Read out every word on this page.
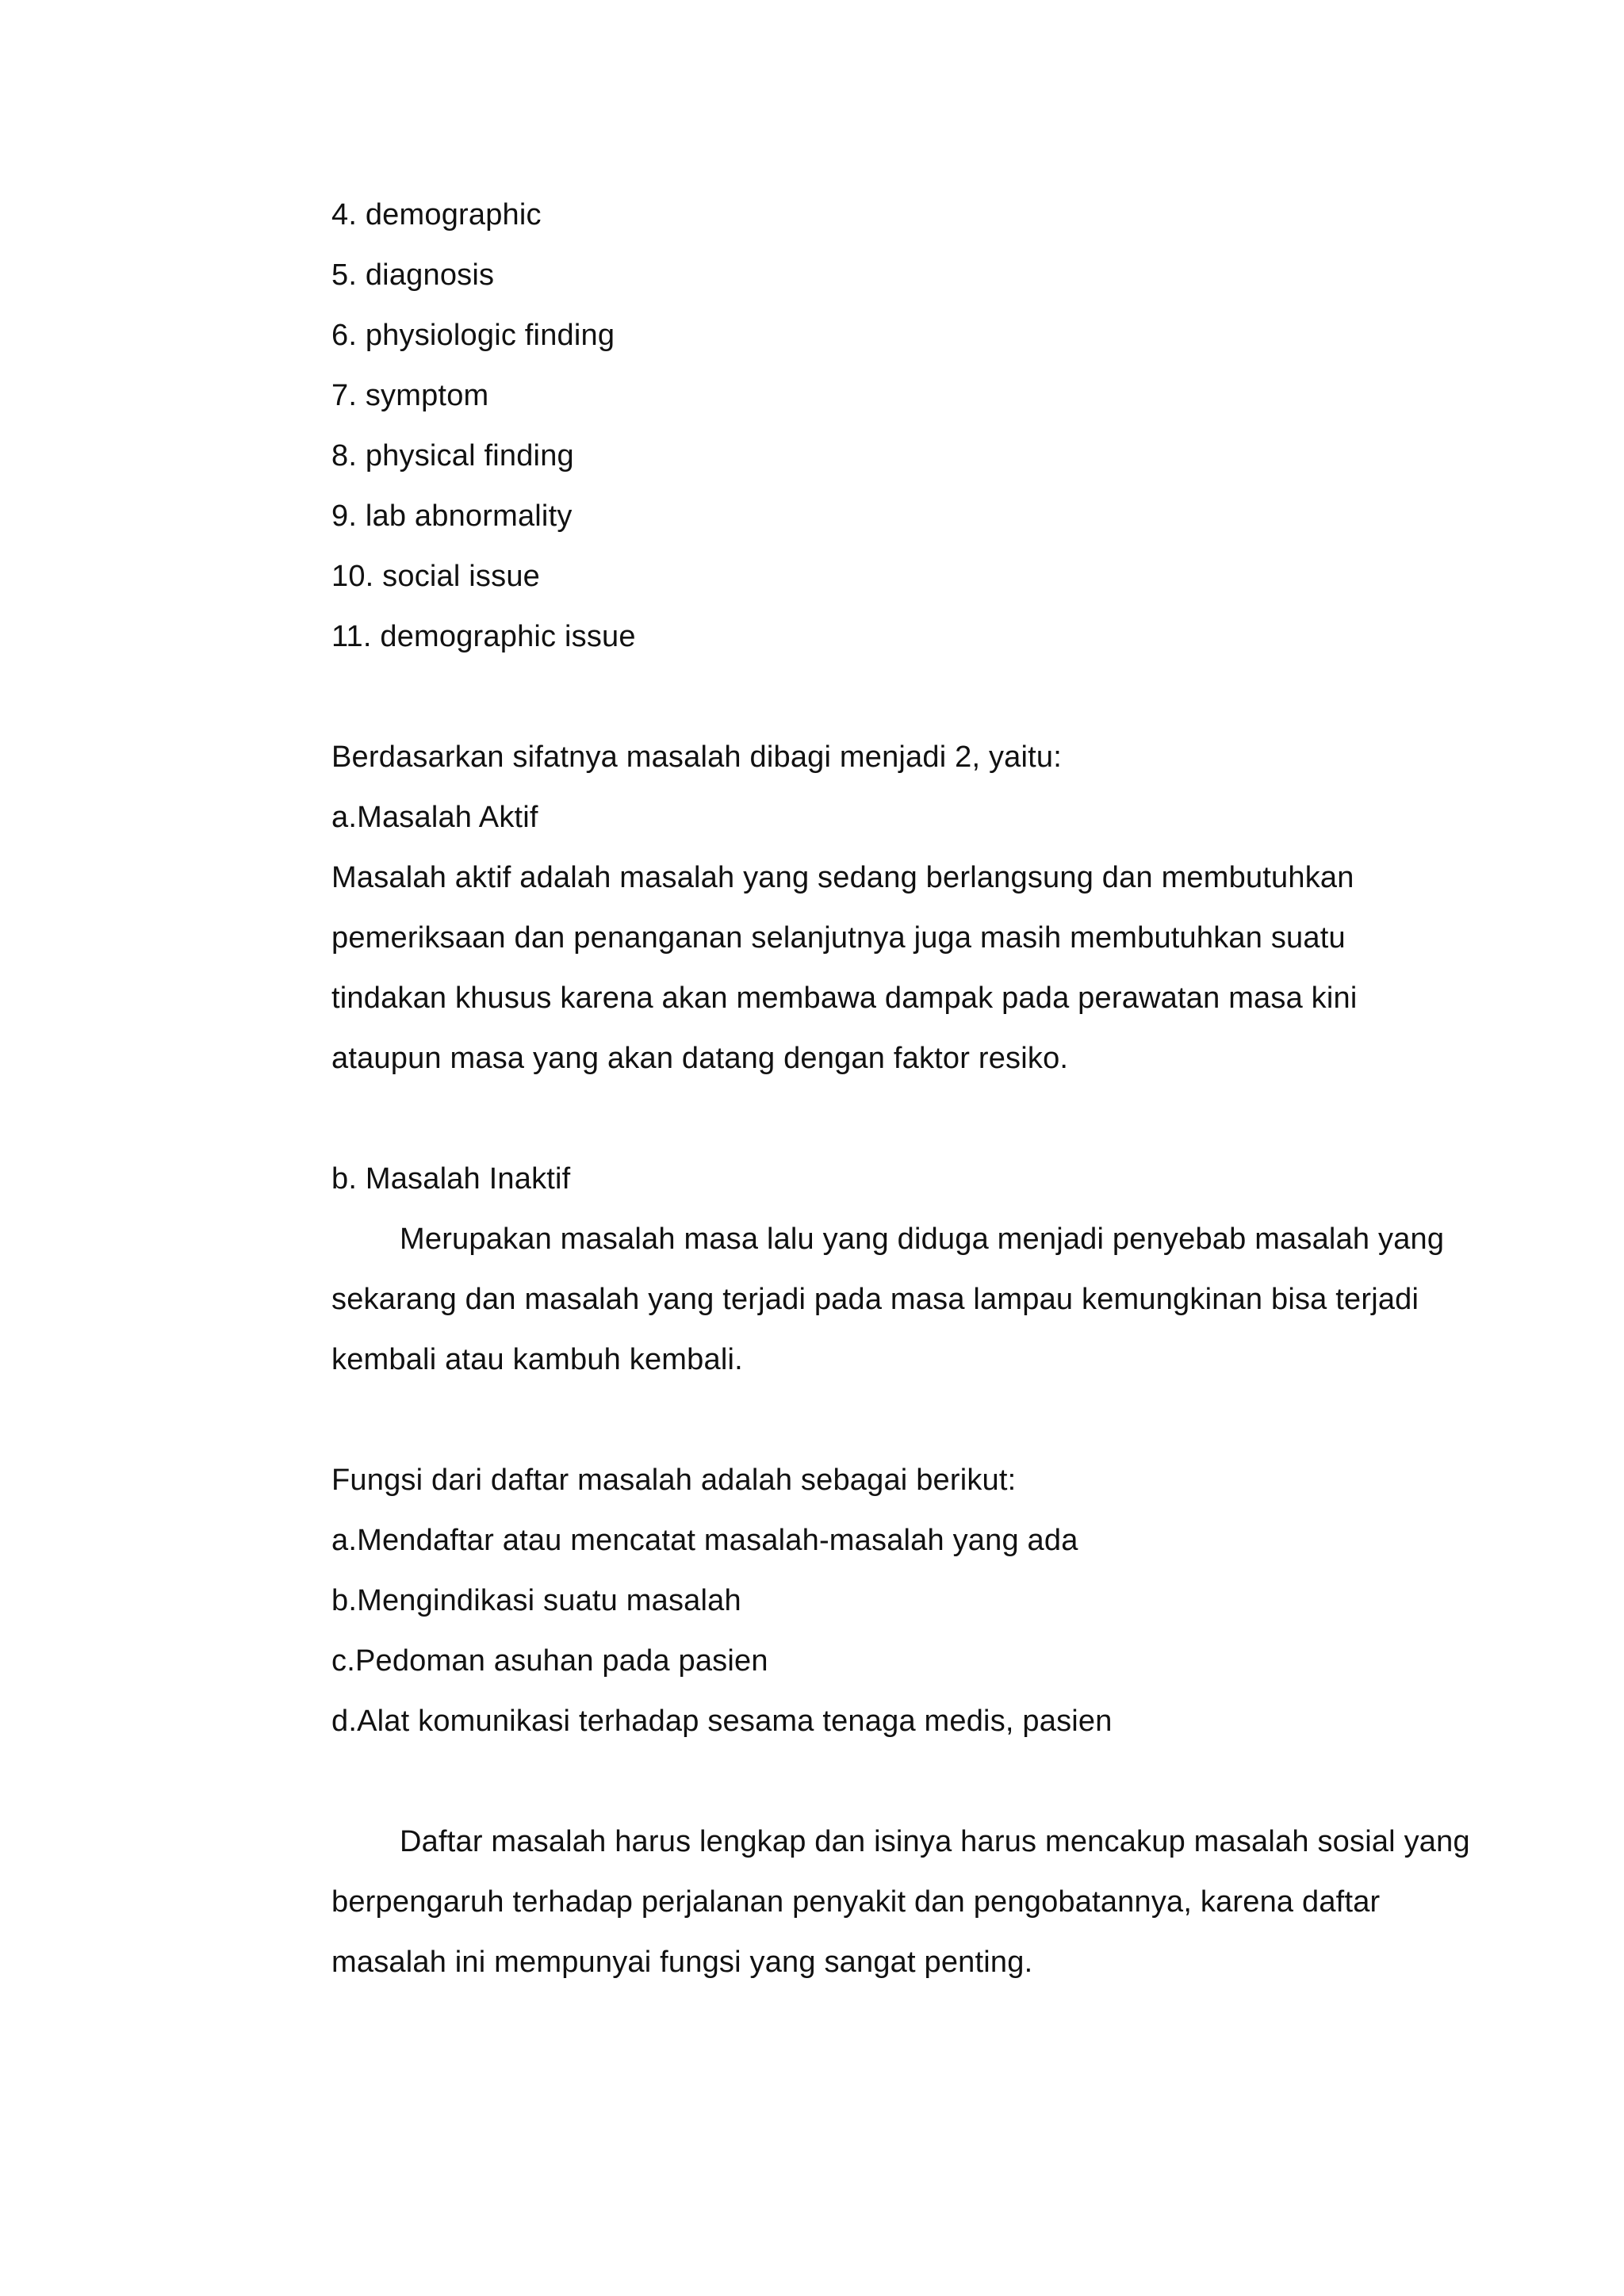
4. demographic
5. diagnosis
6. physiologic finding
7. symptom
8. physical finding
9. lab abnormality
10. social issue
11. demographic issue
Berdasarkan sifatnya masalah dibagi menjadi 2, yaitu:
a.Masalah Aktif
Masalah aktif adalah masalah yang sedang berlangsung dan membutuhkan
pemeriksaan dan penanganan selanjutnya juga masih membutuhkan suatu
tindakan khusus karena akan membawa dampak pada perawatan masa kini
ataupun masa yang akan datang dengan faktor resiko.
b. Masalah Inaktif
Merupakan masalah masa lalu yang diduga menjadi penyebab masalah yang
sekarang dan masalah yang terjadi pada masa lampau kemungkinan bisa terjadi
kembali atau kambuh kembali.
Fungsi dari daftar masalah adalah sebagai berikut:
a.Mendaftar atau mencatat masalah-masalah yang ada
b.Mengindikasi suatu masalah
c.Pedoman asuhan pada pasien
d.Alat komunikasi terhadap sesama tenaga medis, pasien
Daftar masalah harus lengkap dan isinya harus mencakup masalah sosial yang
berpengaruh terhadap perjalanan penyakit dan pengobatannya, karena daftar
masalah ini mempunyai fungsi yang sangat penting.
